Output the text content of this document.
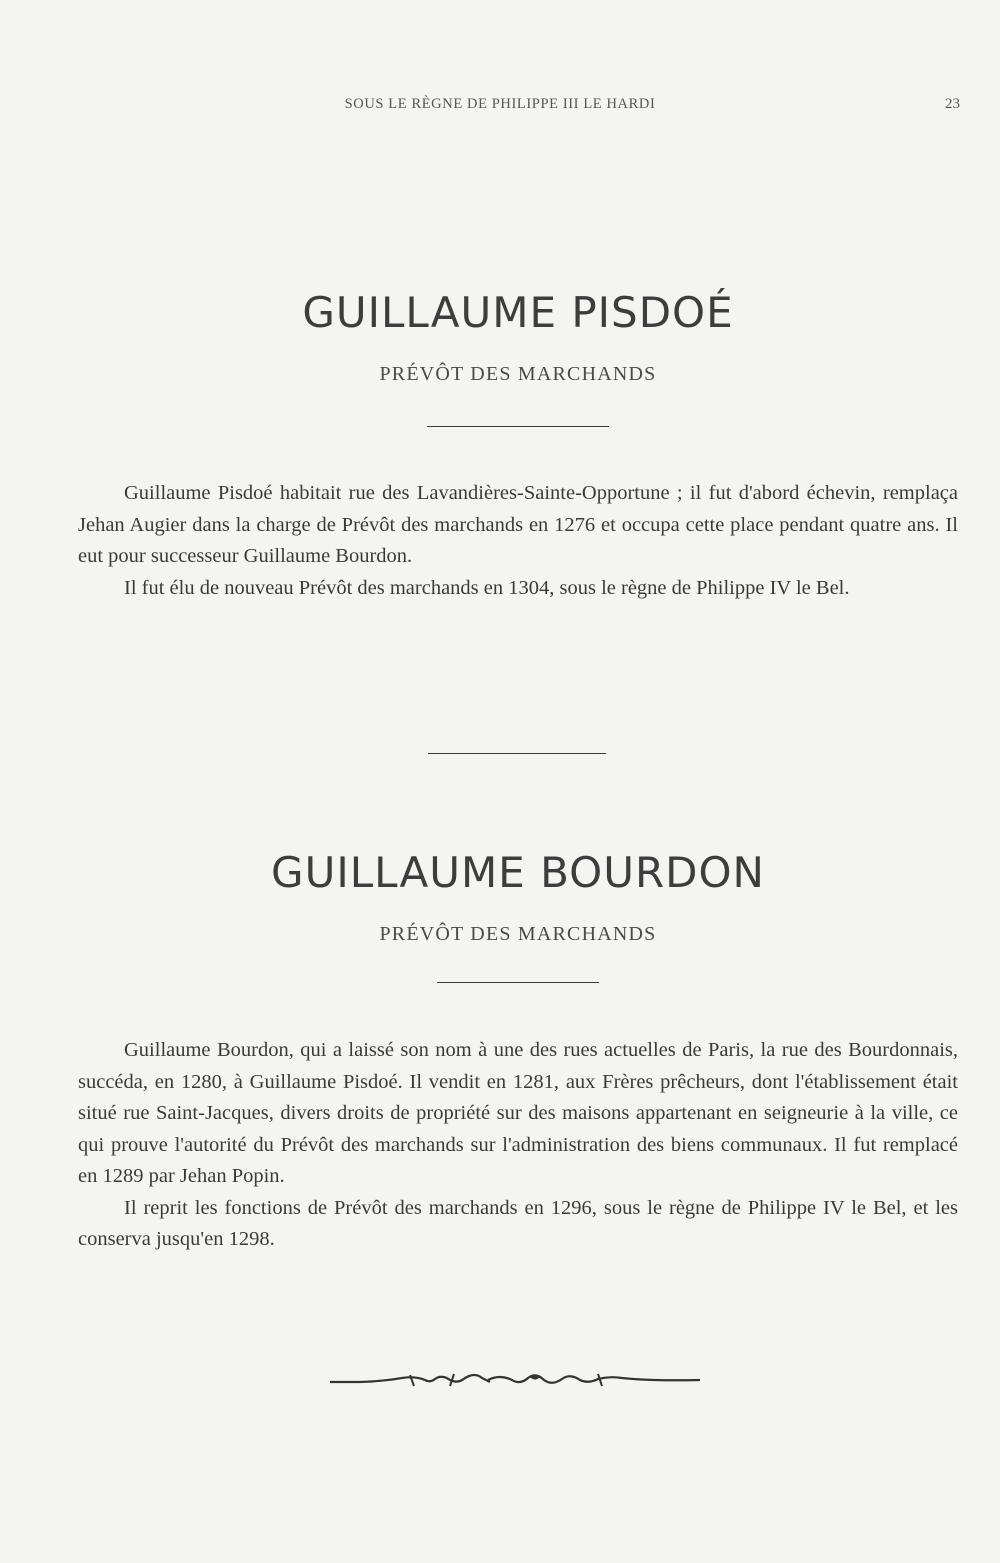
SOUS LE RÈGNE DE PHILIPPE III LE HARDI	23
GUILLAUME PISDOÉ
PRÉVÔT DES MARCHANDS

Guillaume Pisdoé habitait rue des Lavandières-Sainte-Opportune ; il fut d'abord échevin, remplaça Jehan Augier dans la charge de Prévôt des marchands en 1276 et occupa cette place pendant quatre ans. Il eut pour successeur Guillaume Bourdon.

Il fut élu de nouveau Prévôt des marchands en 1304, sous le règne de Philippe IV le Bel.

GUILLAUME BOURDON
PRÉVÔT DES MARCHANDS

Guillaume Bourdon, qui a laissé son nom à une des rues actuelles de Paris, la rue des Bourdonnais, succéda, en 1280, à Guillaume Pisdoé. Il vendit en 1281, aux Frères prêcheurs, dont l'établissement était situé rue Saint-Jacques, divers droits de propriété sur des maisons appartenant en seigneurie à la ville, ce qui prouve l'autorité du Prévôt des marchands sur l'administration des biens communaux. Il fut remplacé en 1289 par Jehan Popin.

Il reprit les fonctions de Prévôt des marchands en 1296, sous le règne de Philippe IV le Bel, et les conserva jusqu'en 1298.
